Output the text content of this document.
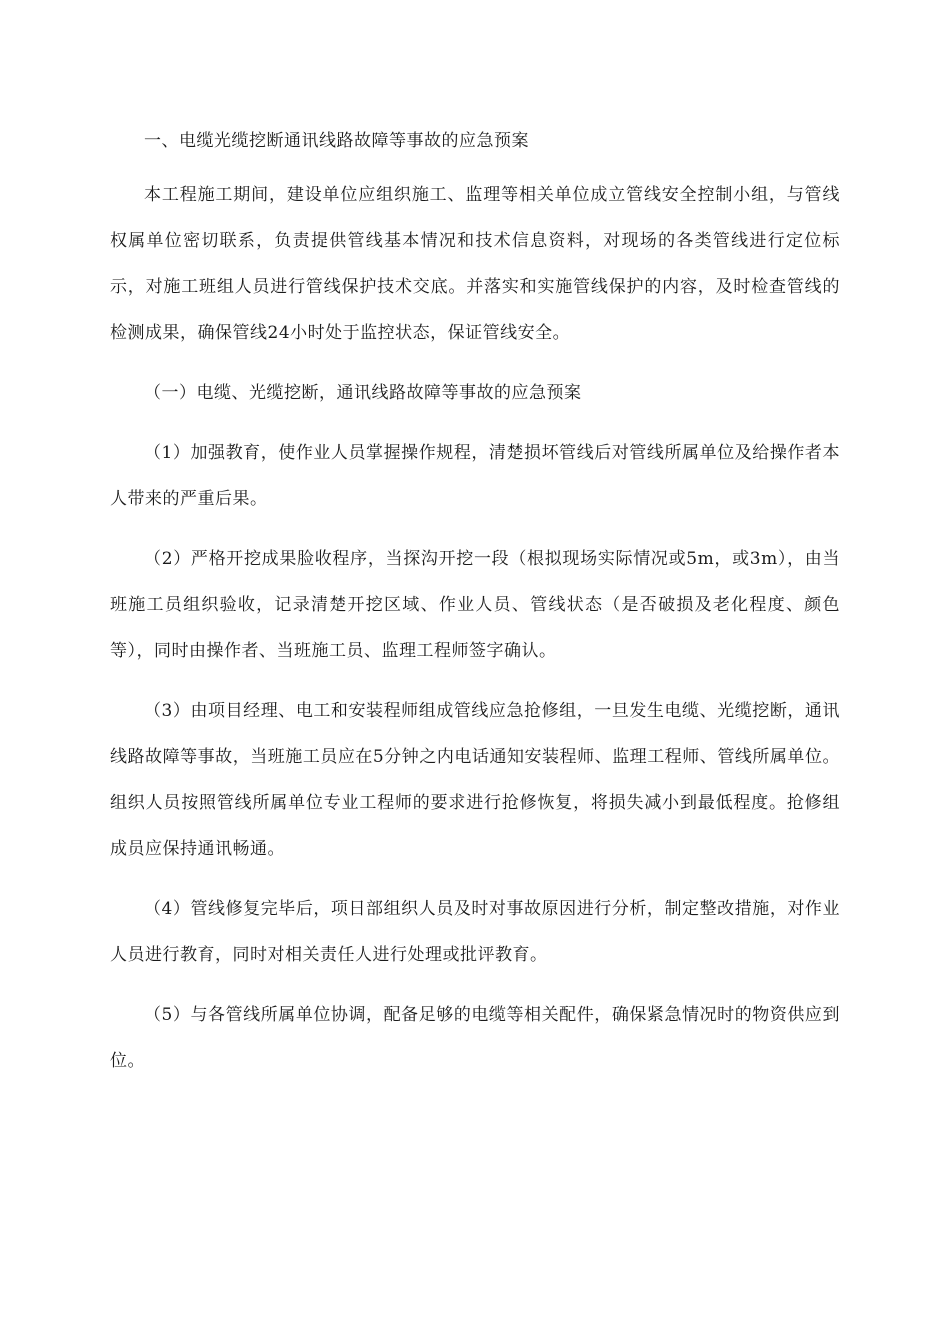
一、电缆光缆挖断通讯线路故障等事故的应急预案

本工程施工期间，建设单位应组织施工、监理等相关单位成立管线安全控制小组，与管线权属单位密切联系，负责提供管线基本情况和技术信息资料，对现场的各类管线进行定位标示，对施工班组人员进行管线保护技术交底。并落实和实施管线保护的内容，及时检查管线的检测成果，确保管线24小时处于监控状态，保证管线安全。

（一）电缆、光缆挖断，通讯线路故障等事故的应急预案

（1）加强教育，使作业人员掌握操作规程，清楚损坏管线后对管线所属单位及给操作者本人带来的严重后果。

（2）严格开挖成果脸收程序，当探沟开挖一段（根拟现场实际情况或5m，或3m），由当班施工员组织验收，记录清楚开挖区域、作业人员、管线状态（是否破损及老化程度、颜色等），同时由操作者、当班施工员、监理工程师签字确认。

（3）由项目经理、电工和安装程师组成管线应急抢修组，一旦发生电缆、光缆挖断，通讯线路故障等事故，当班施工员应在5分钟之内电话通知安装程师、监理工程师、管线所属单位。组织人员按照管线所属单位专业工程师的要求进行抢修恢复，将损失减小到最低程度。抢修组成员应保持通讯畅通。

（4）管线修复完毕后，项日部组织人员及时对事故原因进行分析，制定整改措施，对作业人员进行教育，同时对相关责任人进行处理或批评教育。

（5）与各管线所属单位协调，配备足够的电缆等相关配件，确保紧急情况时的物资供应到位。
